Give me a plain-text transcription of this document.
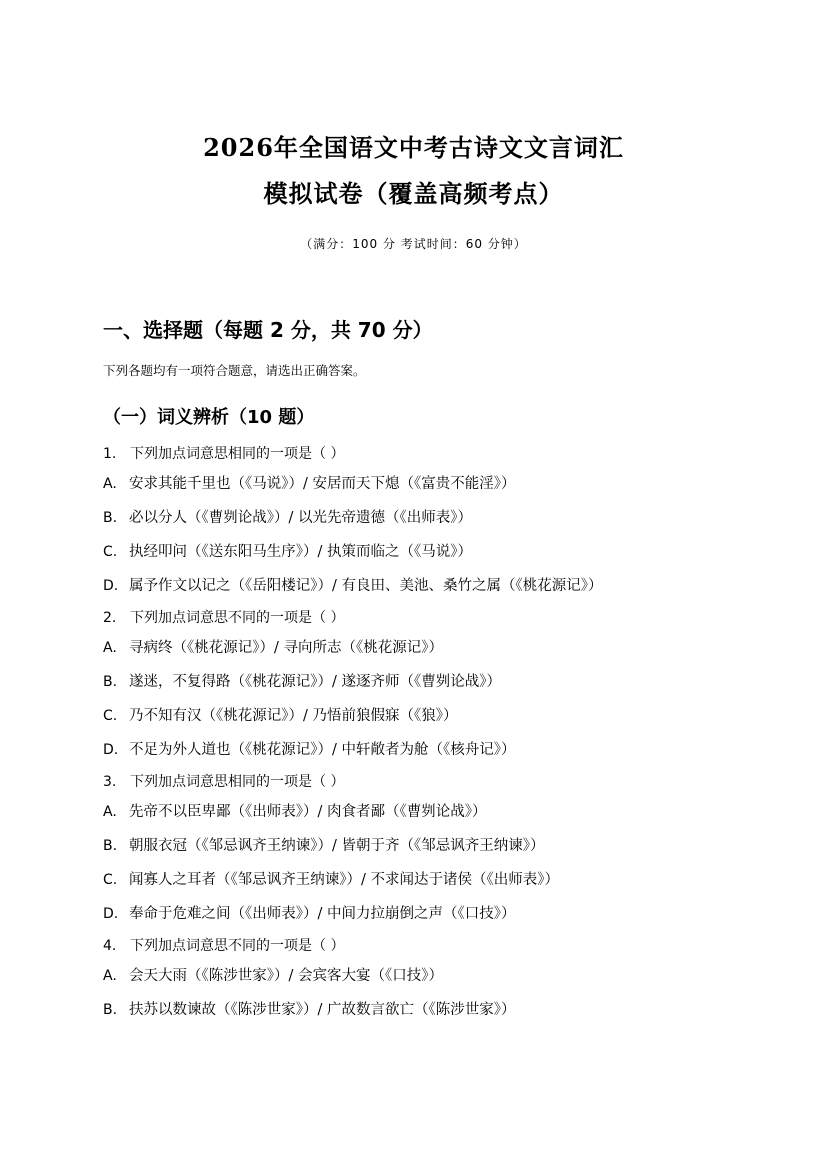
2026年全国语文中考古诗文文言词汇
模拟试卷（覆盖高频考点）
（满分：100 分 考试时间：60 分钟）
一、选择题（每题 2 分，共 70 分）
下列各题均有一项符合题意，请选出正确答案。
（一）词义辨析（10 题）
1. 下列加点词意思相同的一项是（ ）
A. 安求其能千里也（《马说》）/ 安居而天下熄（《富贵不能淫》）
B. 必以分人（《曹刿论战》）/ 以光先帝遗德（《出师表》）
C. 执经叩问（《送东阳马生序》）/ 执策而临之（《马说》）
D. 属予作文以记之（《岳阳楼记》）/ 有良田、美池、桑竹之属（《桃花源记》）
2. 下列加点词意思不同的一项是（ ）
A. 寻病终（《桃花源记》）/ 寻向所志（《桃花源记》）
B. 遂迷，不复得路（《桃花源记》）/ 遂逐齐师（《曹刿论战》）
C. 乃不知有汉（《桃花源记》）/ 乃悟前狼假寐（《狼》）
D. 不足为外人道也（《桃花源记》）/ 中轩敞者为舱（《核舟记》）
3. 下列加点词意思相同的一项是（ ）
A. 先帝不以臣卑鄙（《出师表》）/ 肉食者鄙（《曹刿论战》）
B. 朝服衣冠（《邹忌讽齐王纳谏》）/ 皆朝于齐（《邹忌讽齐王纳谏》）
C. 闻寡人之耳者（《邹忌讽齐王纳谏》）/ 不求闻达于诸侯（《出师表》）
D. 奉命于危难之间（《出师表》）/ 中间力拉崩倒之声（《口技》）
4. 下列加点词意思不同的一项是（ ）
A. 会天大雨（《陈涉世家》）/ 会宾客大宴（《口技》）
B. 扶苏以数谏故（《陈涉世家》）/ 广故数言欲亡（《陈涉世家》）
